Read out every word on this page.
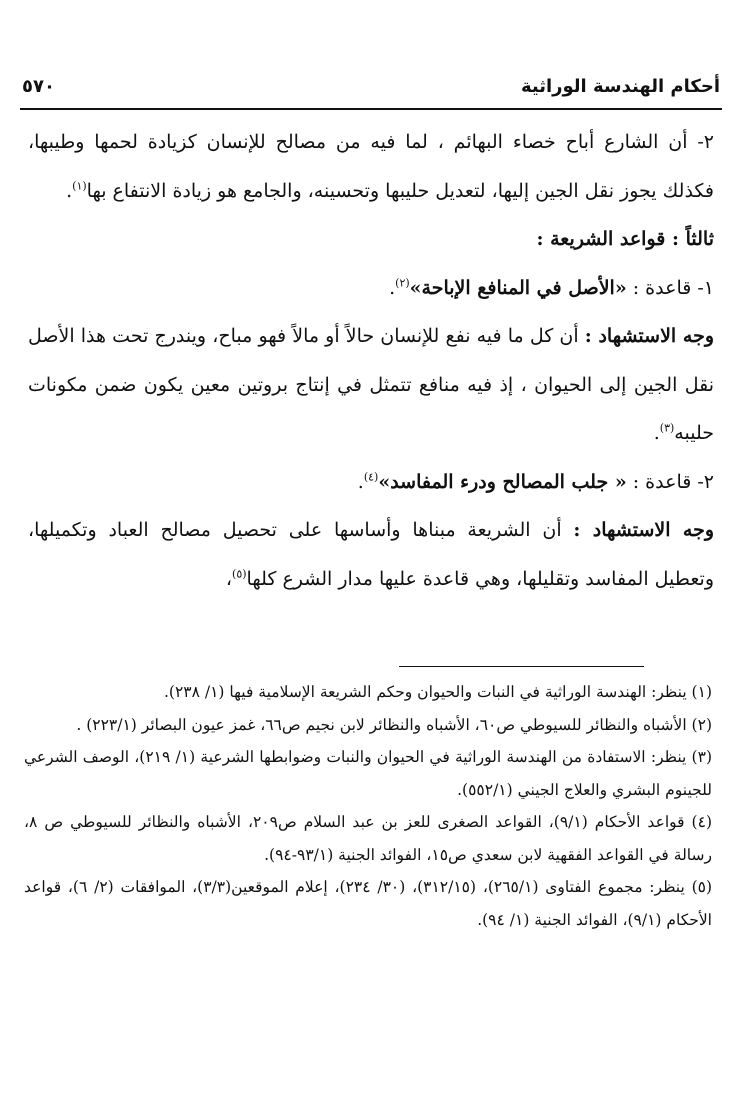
أحكام الهندسة الوراثية
٥٧٠

٢- أن الشارع أباح خصاء البهائم ، لما فيه من مصالح للإنسان كزيادة لحمها وطيبها، فكذلك يجوز نقل الجين إليها، لتعديل حليبها وتحسينه، والجامع هو زيادة الانتفاع بها$^{(١)}$.

ثالثاً : قواعد الشريعة :

١- قاعدة : «الأصل في المنافع الإباحة»$^{(٢)}$.

وجه الاستشهاد : أن كل ما فيه نفع للإنسان حالاً أو مالاً فهو مباح، ويندرج تحت هذا الأصل نقل الجين إلى الحيوان ، إذ فيه منافع تتمثل في إنتاج بروتين معين يكون ضمن مكونات حليبه$^{(٣)}$.

٢- قاعدة : « جلب المصالح ودرء المفاسد»$^{(٤)}$.

وجه الاستشهاد : أن الشريعة مبناها وأساسها على تحصيل مصالح العباد وتكميلها، وتعطيل المفاسد وتقليلها، وهي قاعدة عليها مدار الشرع كلها$^{(٥)}$،

(١) ينظر: الهندسة الوراثية في النبات والحيوان وحكم الشريعة الإسلامية فيها (١/ ٢٣٨).

(٢) الأشباه والنظائر للسيوطي ص٦٠، الأشباه والنظائر لابن نجيم ص٦٦، غمز عيون البصائر (٢٢٣/١) .

(٣) ينظر: الاستفادة من الهندسة الوراثية في الحيوان والنبات وضوابطها الشرعية (١/ ٢١٩)، الوصف الشرعي للجينوم البشري والعلاج الجيني (٥٥٢/١).

(٤) قواعد الأحكام (٩/١)، القواعد الصغرى للعز بن عبد السلام ص٢٠٩، الأشباه والنظائر للسيوطي ص ٨، رسالة في القواعد الفقهية لابن سعدي ص١٥، الفوائد الجنية (٩٣/١-٩٤).

(٥) ينظر: مجموع الفتاوى (٢٦٥/١)، (٣١٢/١٥)، (٣٠/ ٢٣٤)، إعلام الموقعين(٣/٣)، الموافقات (٢/ ٦)، قواعد الأحكام (٩/١)، الفوائد الجنية (١/ ٩٤).
